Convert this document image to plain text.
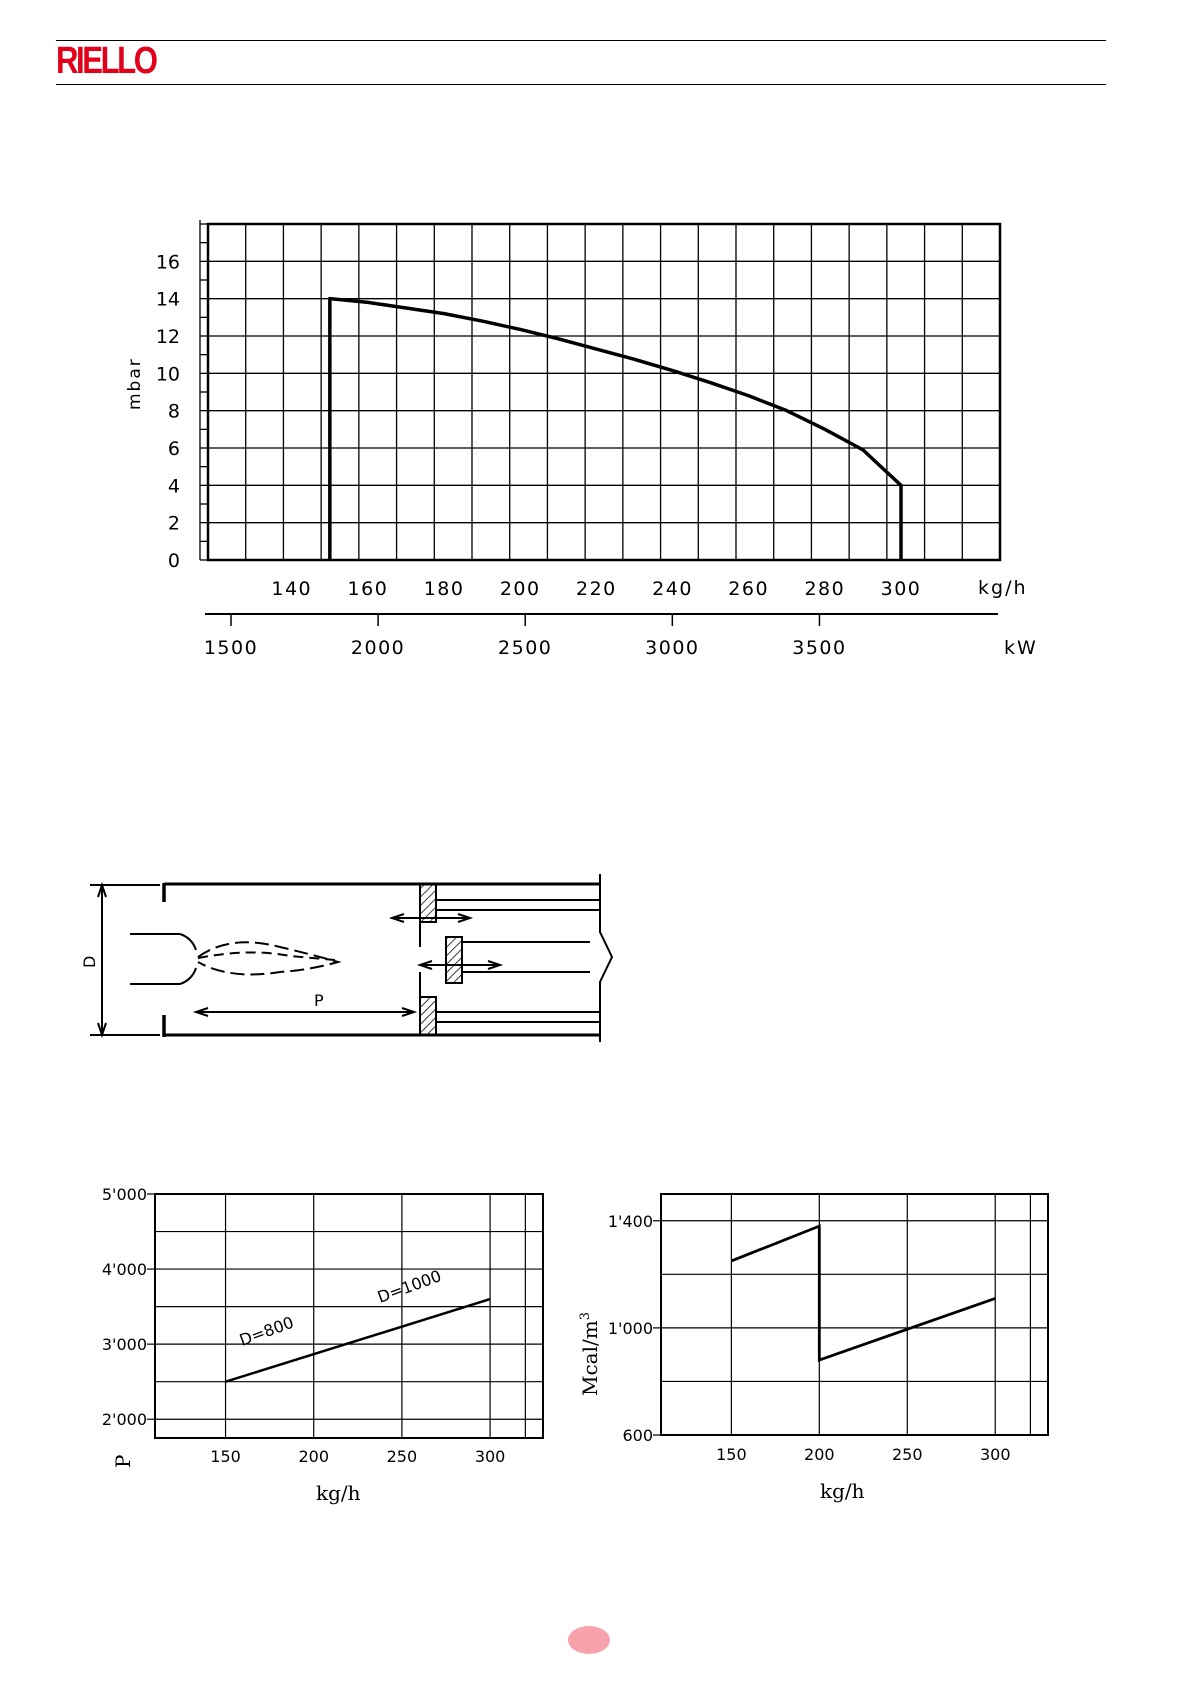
RIELLO
0
2
4
6
8
10
12
14
16
140 160 180 200 220 240 260 280 300
1500	2000	2500	3000	3500
mbar
kg/h
kW
D
P
2'000
3'000
4'000
5'000
150	200	250	300
D=800
D=1000
P
kg/h
600
1'000
1'400
150	200	250	300
Mcal/$m^3$
kg/h
